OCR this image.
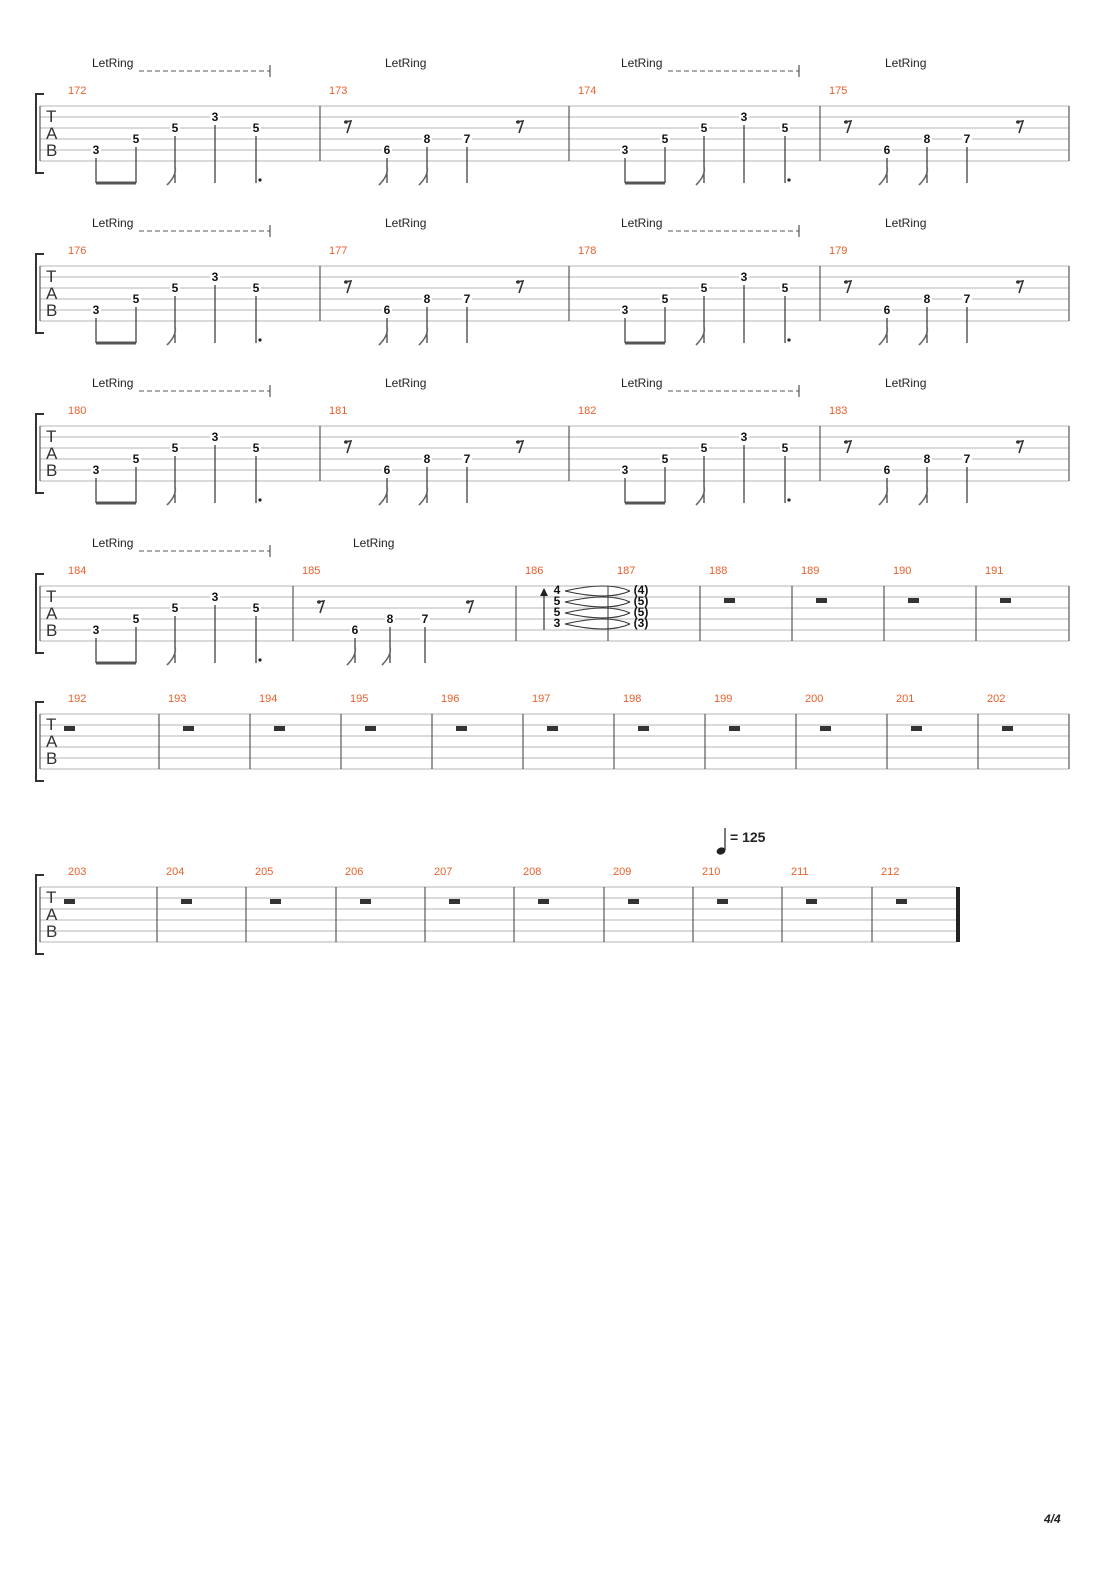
T
A
B
172
LetRing
3
5
5
3
5
173
LetRing
6
8	7
174
LetRing
3
5
5
3
5
175
LetRing
6
8	7
T
A
B
176
LetRing
3
5
5
3
5
177
LetRing
6
8	7
178
LetRing
3
5
5
3
5
179
LetRing
6
8	7
T
A
B
180
LetRing
3
5
5
3
5
181
LetRing
6
8	7
182
LetRing
3
5
5
3
5
183
LetRing
6
8	7
T
A
B
184
LetRing
3
5
5
3
5
185
LetRing
6
8 7
186
4
5
5
3
187
(4)
(5)
(5)
(3)
188	189	190	191
T
A
B
192	193	194	195	196	197	198	199	200	201	202
T
A
B
203	204	205	206	207	208	209	210	211	212
= 125
4/4
